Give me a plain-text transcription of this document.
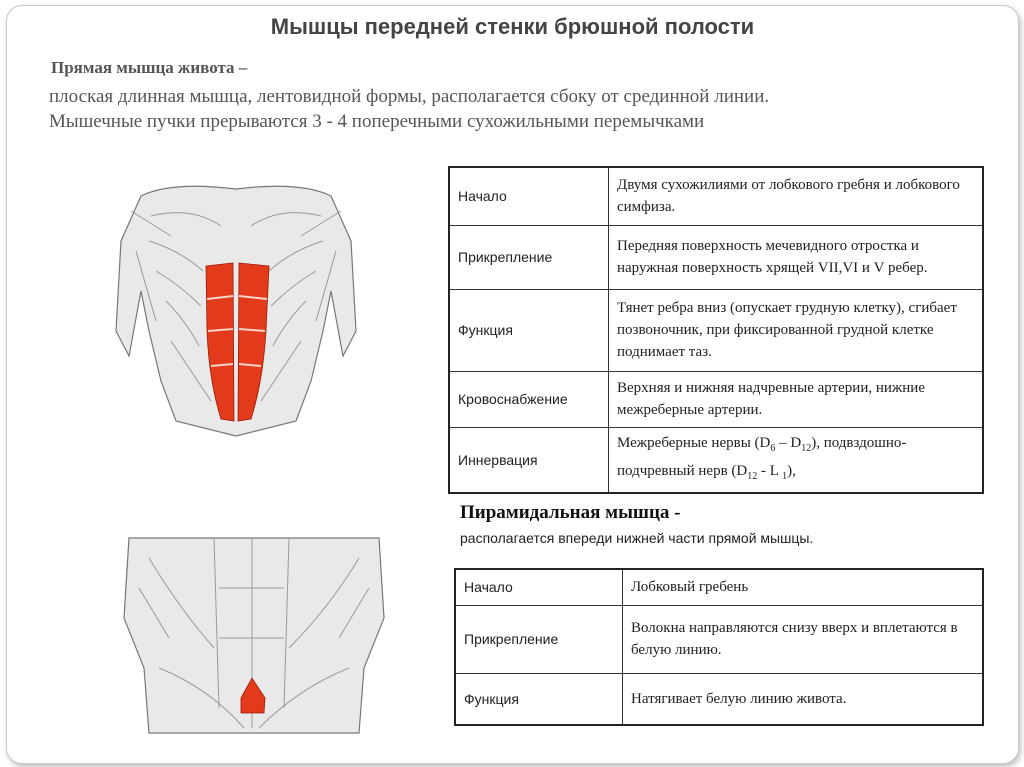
Мышцы передней стенки брюшной полости
Прямая мышца живота –
плоская длинная мышца, лентовидной формы, располагается сбоку от срединной линии.
Мышечные пучки прерываются 3 - 4 поперечными сухожильными перемычками
Начало	Двумя сухожилиями от лобкового гребня и лобкового симфиза.
Прикрепление	Передняя поверхность мечевидного отростка и наружная поверхность хрящей VII,VI и V ребер.
Функция	Тянет ребра вниз (опускает грудную клетку), сгибает позвоночник, при фиксированной грудной клетке поднимает таз.
Кровоснабжение	Верхняя и нижняя надчревные артерии, нижние межреберные артерии.
Иннервация	Межреберные нервы $(D_6 - D_{12})$, подвздошно-подчревный нерв ($D_{12}$ - L $_1$),
Пирамидальная мышца -
располагается впереди нижней части прямой мышцы.
Начало	Лобковый гребень
Прикрепление	Волокна направляются снизу вверх и вплетаются в белую линию.
Функция	Натягивает белую линию живота.
